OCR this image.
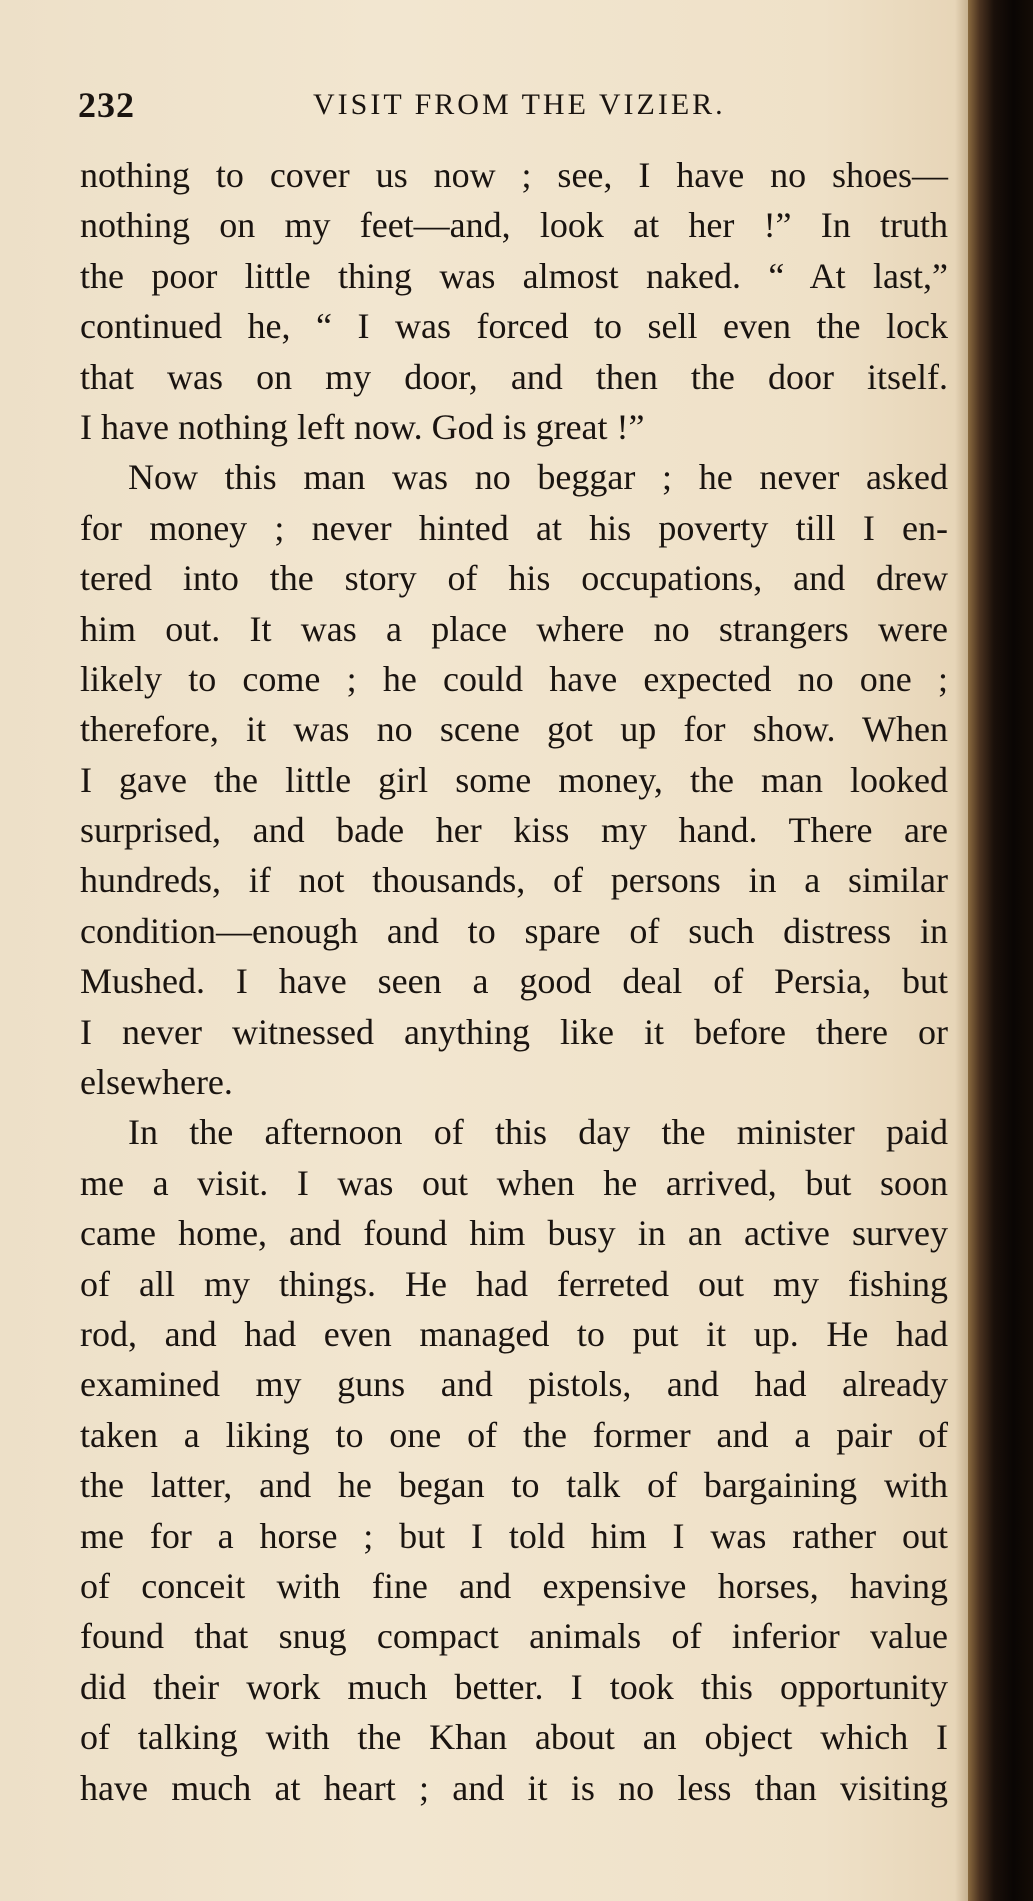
232	VISIT FROM THE VIZIER.
nothing to cover us now ; see, I have no shoes—
nothing on my feet—and, look at her !” In truth
the poor little thing was almost naked. “ At last,”
continued he, “ I was forced to sell even the lock
that was on my door, and then the door itself.
I have nothing left now. God is great !”
Now this man was no beggar ; he never asked
for money ; never hinted at his poverty till I en-
tered into the story of his occupations, and drew
him out. It was a place where no strangers were
likely to come ; he could have expected no one ;
therefore, it was no scene got up for show. When
I gave the little girl some money, the man looked
surprised, and bade her kiss my hand. There are
hundreds, if not thousands, of persons in a similar
condition—enough and to spare of such distress in
Mushed. I have seen a good deal of Persia, but
I never witnessed anything like it before there or
elsewhere.
In the afternoon of this day the minister paid
me a visit. I was out when he arrived, but soon
came home, and found him busy in an active survey
of all my things. He had ferreted out my fishing
rod, and had even managed to put it up. He had
examined my guns and pistols, and had already
taken a liking to one of the former and a pair of
the latter, and he began to talk of bargaining with
me for a horse ; but I told him I was rather out
of conceit with fine and expensive horses, having
found that snug compact animals of inferior value
did their work much better. I took this opportunity
of talking with the Khan about an object which I
have much at heart ; and it is no less than visiting
